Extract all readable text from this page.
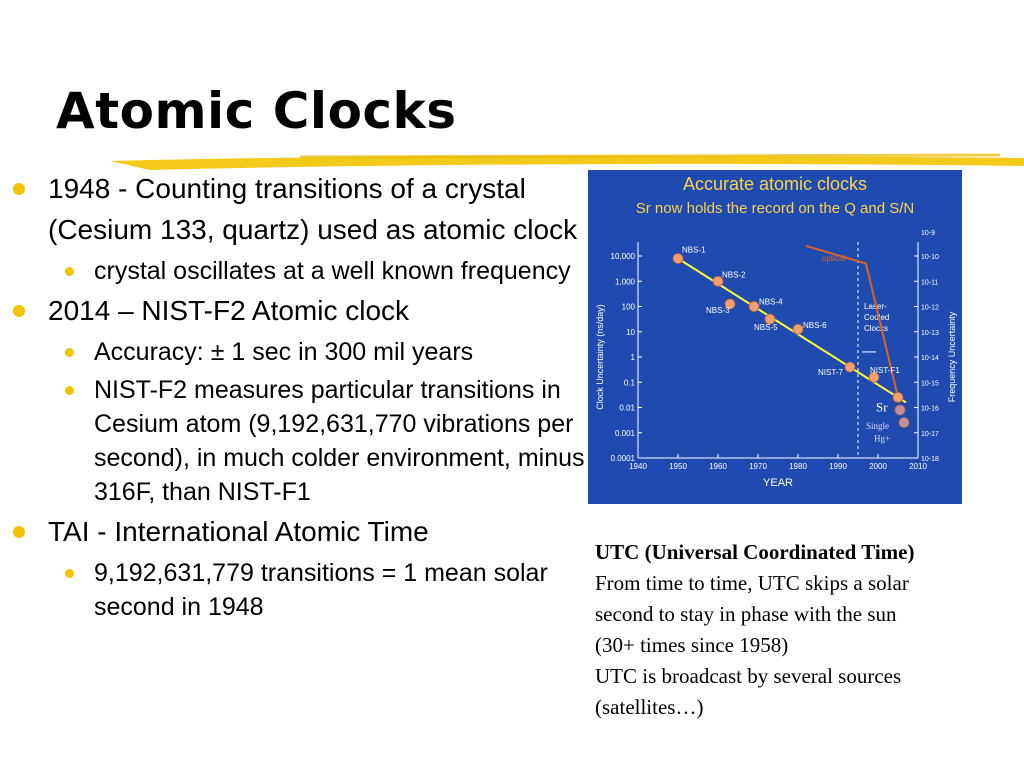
Atomic Clocks
1948 - Counting transitions of a crystal (Cesium 133, quartz) used as atomic clock
crystal oscillates at a well known frequency
2014 – NIST-F2 Atomic clock
Accuracy: ± 1 sec in 300 mil years
NIST-F2 measures particular transitions in Cesium atom (9,192,631,770 vibrations per second), in much colder environment, minus 316F, than NIST-F1
TAI - International Atomic Time
9,192,631,779 transitions = 1 mean solar second in 1948
Accurate atomic clocks
Sr now holds the record on the Q and S/N
10,000
1,000
100
10
1
0.1
0.01
0.001
0.0001
10-10
10-11
10-12
10-13
10-14
10-15
10-16
10-17
10-18
10-9
1940	1950	1960	1970	1980	1990	2000	2010
YEAR
Clock Uncertainty (ns/day)	Frequency Uncertainty
Laser-
Cooled
Clocks
optical
NBS-1
NBS-2
NBS-3
NBS-4
NBS-5	NBS-6
NIST-7	NIST-F1
Sr
Single
Hg+
UTC (Universal Coordinated Time)
From time to time, UTC skips a solar
second to stay in phase with the sun
(30+ times since 1958)
UTC is broadcast by several sources
(satellites…)
